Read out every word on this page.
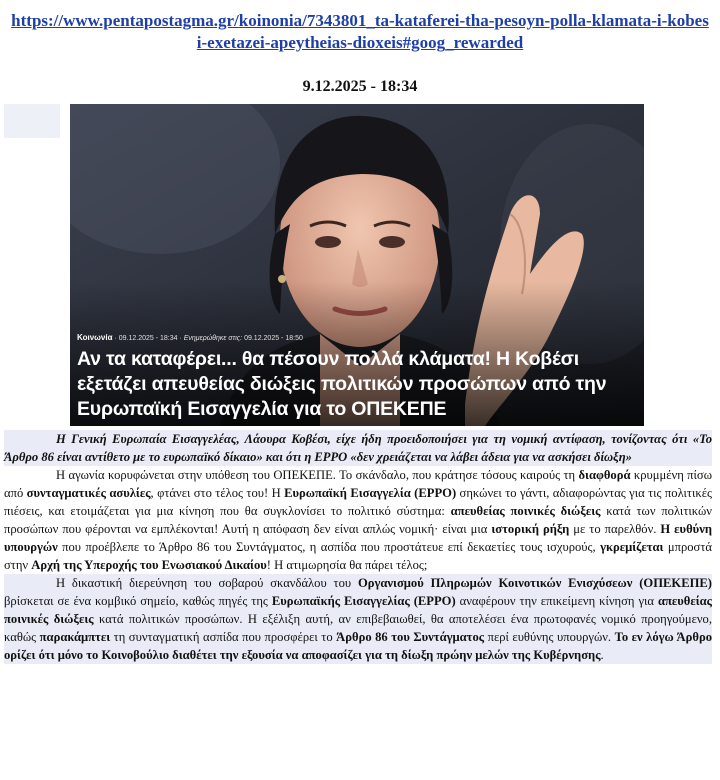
https://www.pentapostagma.gr/koinonia/7343801_ta-kataferei-tha-pesoyn-polla-klamata-i-kobesi-exetazei-apeytheias-dioxeis#goog_rewarded
9.12.2025 - 18:34
Κοινωνία · 09.12.2025 - 18:34 · Ενημερώθηκε στις: 09.12.2025 - 18:50
Αν τα καταφέρει... θα πέσουν πολλά κλάματα! Η Κοβέσι εξετάζει απευθείας διώξεις πολιτικών προσώπων από την Ευρωπαϊκή Εισαγγελία για το ΟΠΕΚΕΠΕ

Η Γενική Ευρωπαία Εισαγγελέας, Λάουρα Κοβέσι, είχε ήδη προειδοποιήσει για τη νομική αντίφαση, τονίζοντας ότι «Το Άρθρο 86 είναι αντίθετο με το ευρωπαϊκό δίκαιο» και ότι η ΕΡΡΟ «δεν χρειάζεται να λάβει άδεια για να ασκήσει δίωξη»

Η αγωνία κορυφώνεται στην υπόθεση του ΟΠΕΚΕΠΕ. Το σκάνδαλο, που κράτησε τόσους καιρούς τη διαφθορά κρυμμένη πίσω από συνταγματικές ασυλίες, φτάνει στο τέλος του! Η Ευρωπαϊκή Εισαγγελία (ΕΡΡΟ) σηκώνει το γάντι, αδιαφορώντας για τις πολιτικές πιέσεις, και ετοιμάζεται για μια κίνηση που θα συγκλονίσει το πολιτικό σύστημα: απευθείας ποινικές διώξεις κατά των πολιτικών προσώπων που φέρονται να εμπλέκονται! Αυτή η απόφαση δεν είναι απλώς νομική· είναι μια ιστορική ρήξη με το παρελθόν. Η ευθύνη υπουργών που προέβλεπε το Άρθρο 86 του Συντάγματος, η ασπίδα που προστάτευε επί δεκαετίες τους ισχυρούς, γκρεμίζεται μπροστά στην Αρχή της Υπεροχής του Ενωσιακού Δικαίου! Η ατιμωρησία θα πάρει τέλος;

Η δικαστική διερεύνηση του σοβαρού σκανδάλου του Οργανισμού Πληρωμών Κοινοτικών Ενισχύσεων (ΟΠΕΚΕΠΕ) βρίσκεται σε ένα κομβικό σημείο, καθώς πηγές της Ευρωπαϊκής Εισαγγελίας (ΕΡΡΟ) αναφέρουν την επικείμενη κίνηση για απευθείας ποινικές διώξεις κατά πολιτικών προσώπων. Η εξέλιξη αυτή, αν επιβεβαιωθεί, θα αποτελέσει ένα πρωτοφανές νομικό προηγούμενο, καθώς παρακάμπτει τη συνταγματική ασπίδα που προσφέρει το Άρθρο 86 του Συντάγματος περί ευθύνης υπουργών. Το εν λόγω Άρθρο ορίζει ότι μόνο το Κοινοβούλιο διαθέτει την εξουσία να αποφασίζει για τη δίωξη πρώην μελών της Κυβέρνησης.
